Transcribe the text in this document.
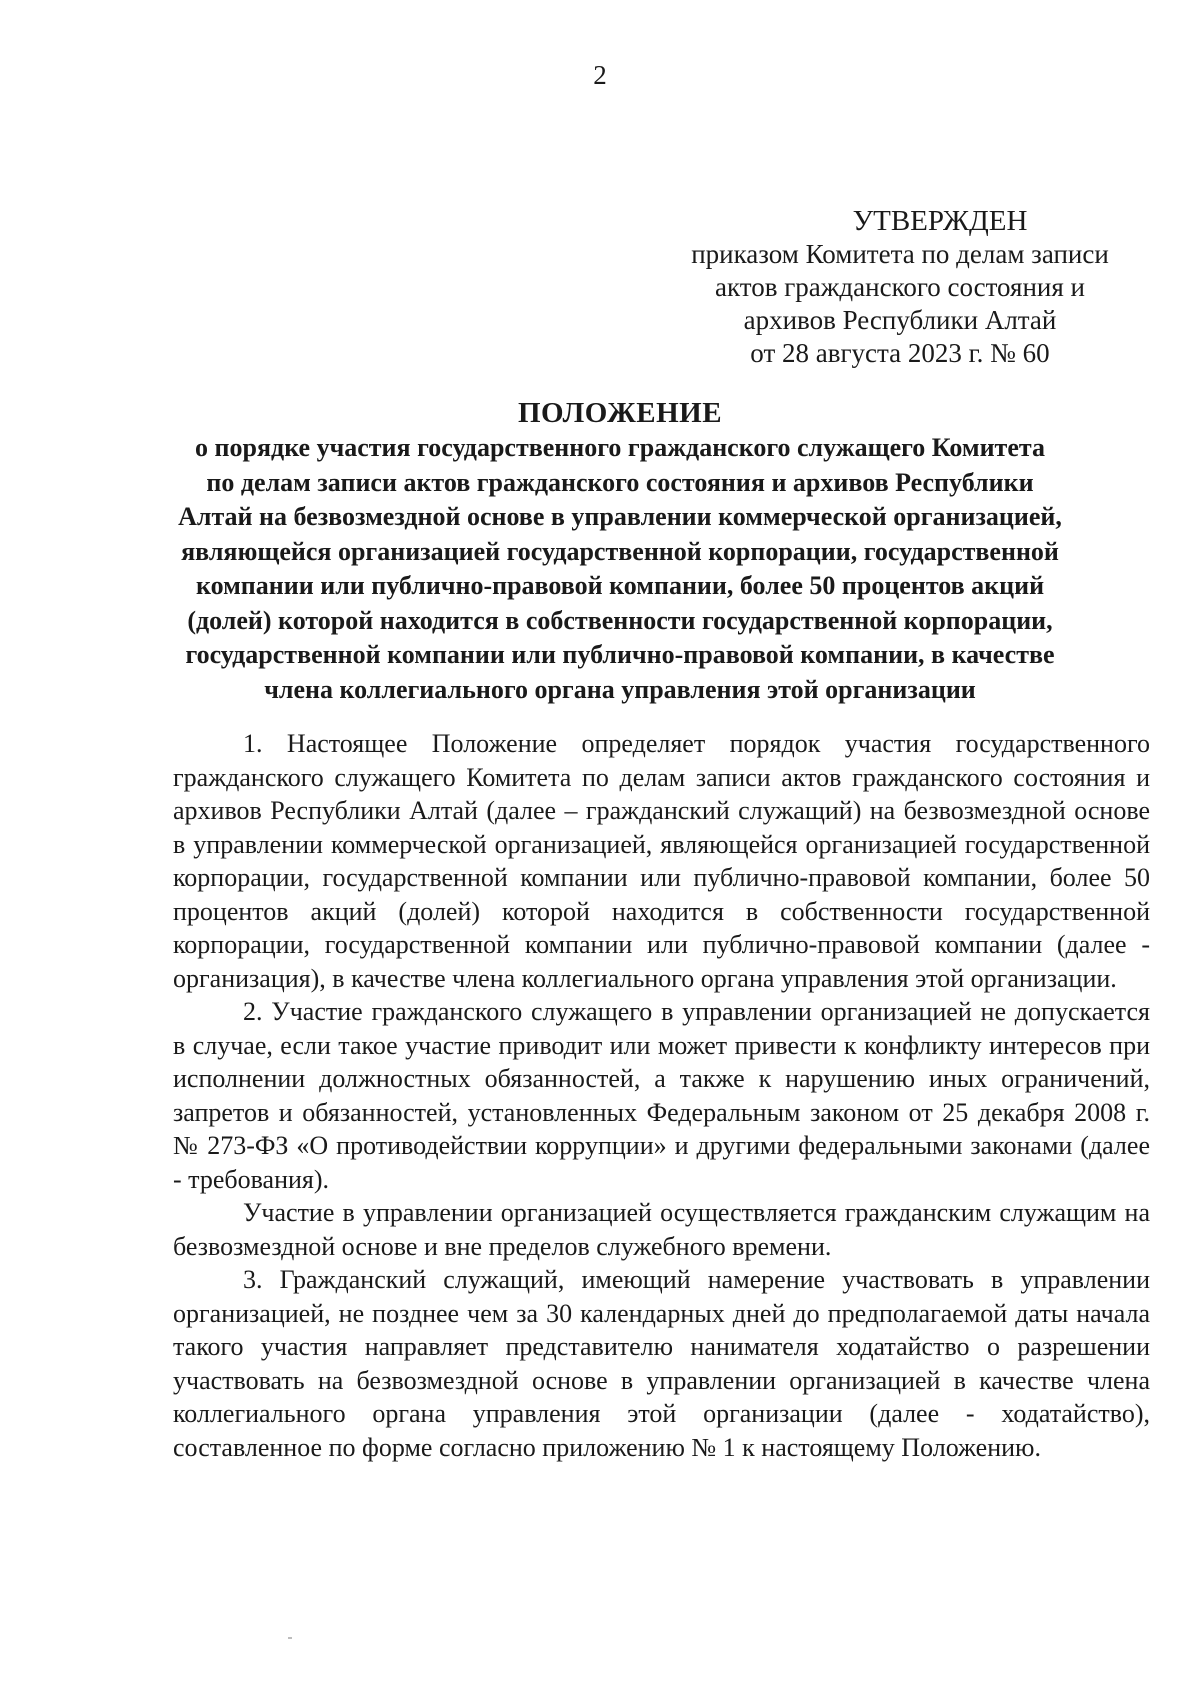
2
УТВЕРЖДЕН
приказом Комитета по делам записи
актов гражданского состояния и
архивов Республики Алтай
от 28 августа 2023 г. № 60
ПОЛОЖЕНИЕ
о порядке участия государственного гражданского служащего Комитета
по делам записи актов гражданского состояния и архивов Республики
Алтай на безвозмездной основе в управлении коммерческой организацией,
являющейся организацией государственной корпорации, государственной
компании или публично-правовой компании, более 50 процентов акций
(долей) которой находится в собственности государственной корпорации,
государственной компании или публично-правовой компании, в качестве
члена коллегиального органа управления этой организации

1. Настоящее Положение определяет порядок участия государственного гражданского служащего Комитета по делам записи актов гражданского состояния и архивов Республики Алтай (далее – гражданский служащий) на безвозмездной основе в управлении коммерческой организацией, являющейся организацией государственной корпорации, государственной компании или публично-правовой компании, более 50 процентов акций (долей) которой находится в собственности государственной корпорации, государственной компании или публично-правовой компании (далее - организация), в качестве члена коллегиального органа управления этой организации.

2. Участие гражданского служащего в управлении организацией не допускается в случае, если такое участие приводит или может привести к конфликту интересов при исполнении должностных обязанностей, а также к нарушению иных ограничений, запретов и обязанностей, установленных Федеральным законом от 25 декабря 2008 г. № 273-ФЗ «О противодействии коррупции» и другими федеральными законами (далее - требования).

Участие в управлении организацией осуществляется гражданским служащим на безвозмездной основе и вне пределов служебного времени.

3. Гражданский служащий, имеющий намерение участвовать в управлении организацией, не позднее чем за 30 календарных дней до предполагаемой даты начала такого участия направляет представителю нанимателя ходатайство о разрешении участвовать на безвозмездной основе в управлении организацией в качестве члена коллегиального органа управления этой организации (далее - ходатайство), составленное по форме согласно приложению № 1 к настоящему Положению.
